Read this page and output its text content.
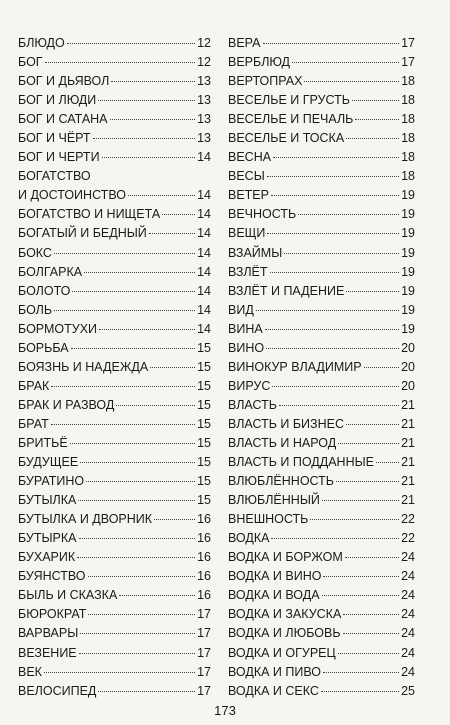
БЛЮДО	12
БОГ	12
БОГ И ДЬЯВОЛ	13
БОГ И ЛЮДИ	13
БОГ И САТАНА	13
БОГ И ЧЁРТ	13
БОГ И ЧЕРТИ	14
БОГАТСТВО
И ДОСТОИНСТВО	14
БОГАТСТВО И НИЩЕТА	14
БОГАТЫЙ И БЕДНЫЙ	14
БОКС	14
БОЛГАРКА	14
БОЛОТО	14
БОЛЬ	14
БОРМОТУХИ	14
БОРЬБА	15
БОЯЗНЬ И НАДЕЖДА	15
БРАК	15
БРАК И РАЗВОД	15
БРАТ	15
БРИТЬЁ	15
БУДУЩЕЕ	15
БУРАТИНО	15
БУТЫЛКА	15
БУТЫЛКА И ДВОРНИК	16
БУТЫРКА	16
БУХАРИК	16
БУЯНСТВО	16
БЫЛЬ И СКАЗКА	16
БЮРОКРАТ	17
ВАРВАРЫ	17
ВЕЗЕНИЕ	17
ВЕК	17
ВЕЛОСИПЕД	17
ВЕРА	17
ВЕРБЛЮД	17
ВЕРТОПРАХ	18
ВЕСЕЛЬЕ И ГРУСТЬ	18
ВЕСЕЛЬЕ И ПЕЧАЛЬ	18
ВЕСЕЛЬЕ И ТОСКА	18
ВЕСНА	18
ВЕСЫ	18
ВЕТЕР	19
ВЕЧНОСТЬ	19
ВЕЩИ	19
ВЗАЙМЫ	19
ВЗЛЁТ	19
ВЗЛЁТ И ПАДЕНИЕ	19
ВИД	19
ВИНА	19
ВИНО	20
ВИНОКУР ВЛАДИМИР	20
ВИРУС	20
ВЛАСТЬ	21
ВЛАСТЬ И БИЗНЕС	21
ВЛАСТЬ И НАРОД	21
ВЛАСТЬ И ПОДДАННЫЕ 21
ВЛЮБЛЁННОСТЬ	21
ВЛЮБЛЁННЫЙ	21
ВНЕШНОСТЬ	22
ВОДКА	22
ВОДКА И БОРЖОМ	24
ВОДКА И ВИНО	24
ВОДКА И ВОДА	24
ВОДКА И ЗАКУСКА	24
ВОДКА И ЛЮБОВЬ	24
ВОДКА И ОГУРЕЦ	24
ВОДКА И ПИВО	24
ВОДКА И СЕКС	25
173
